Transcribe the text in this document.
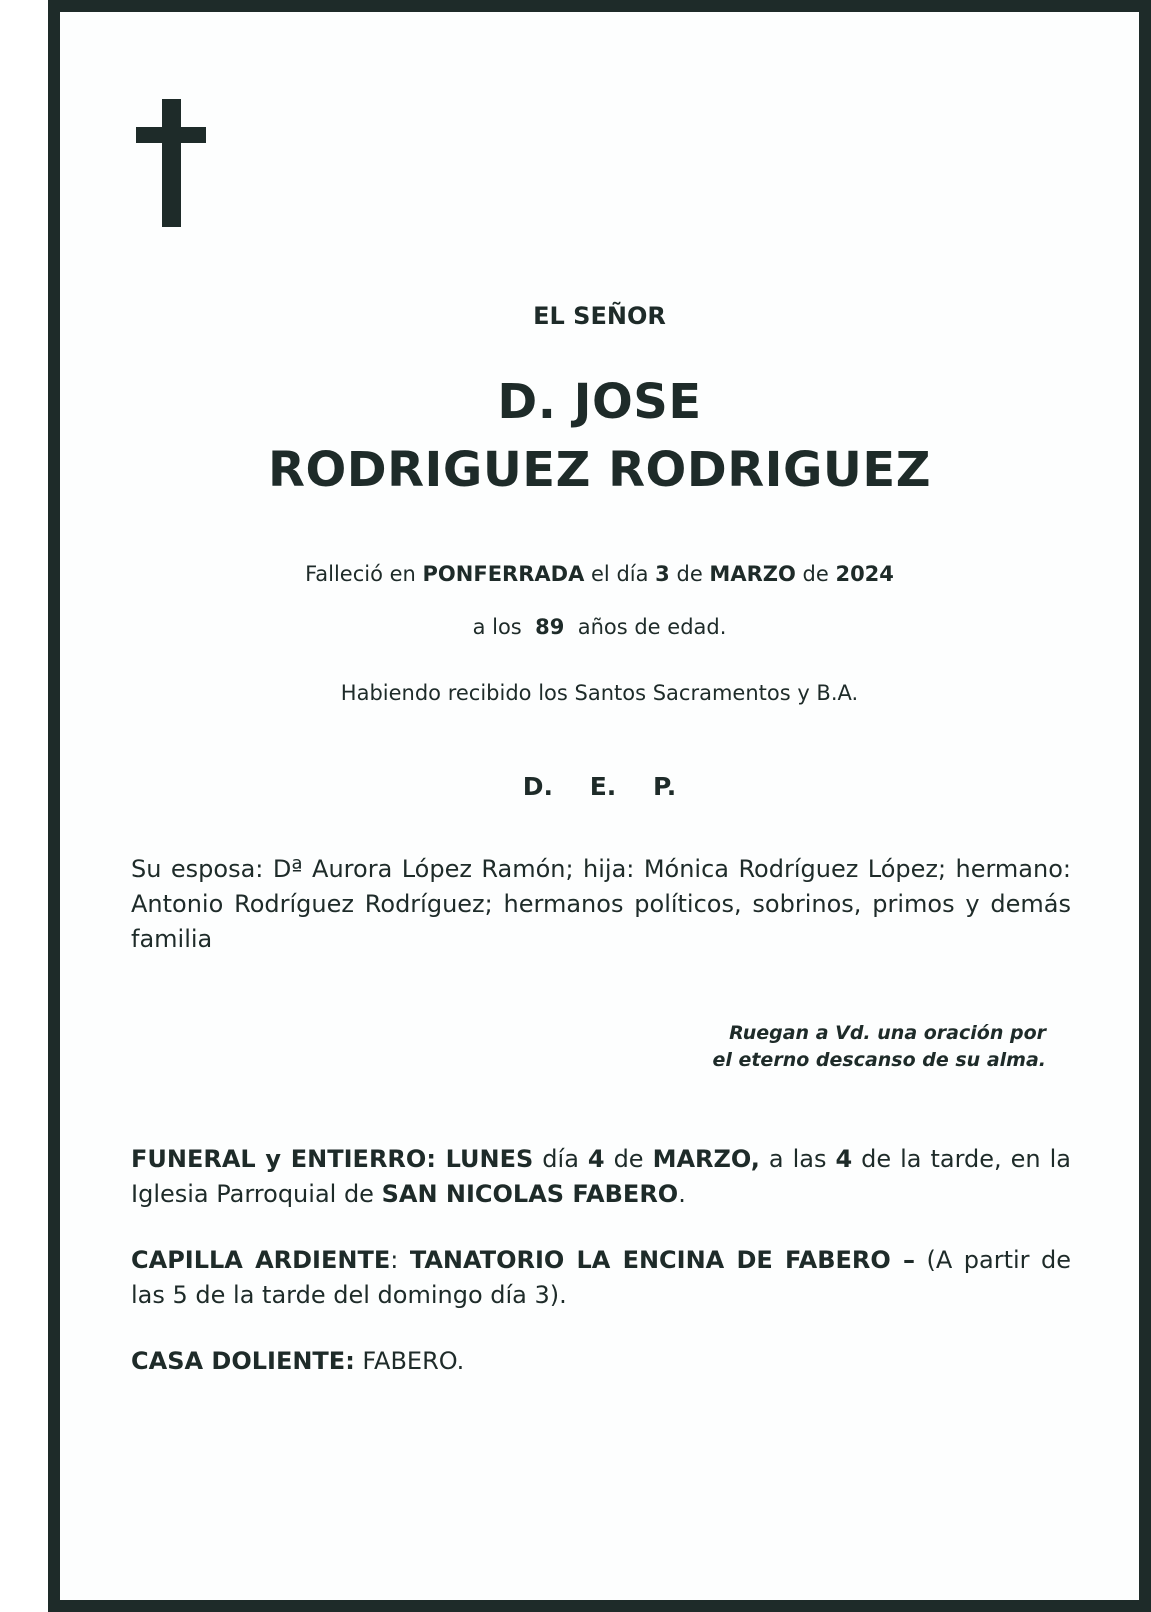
EL SEÑOR
D. JOSE
RODRIGUEZ RODRIGUEZ
Falleció en PONFERRADA el día 3 de MARZO de 2024
a los 89 años de edad.
Habiendo recibido los Santos Sacramentos y B.A.
D. E. P.
Su esposa: Dª Aurora López Ramón; hija: Mónica Rodríguez López; hermano: Antonio Rodríguez Rodríguez; hermanos políticos, sobrinos, primos y demás familia
Ruegan a Vd. una oración por
el eterno descanso de su alma.
FUNERAL y ENTIERRO: LUNES día 4 de MARZO, a las 4 de la tarde, en la Iglesia Parroquial de SAN NICOLAS FABERO.
CAPILLA ARDIENTE: TANATORIO LA ENCINA DE FABERO – (A partir de las 5 de la tarde del domingo día 3).
CASA DOLIENTE: FABERO.
